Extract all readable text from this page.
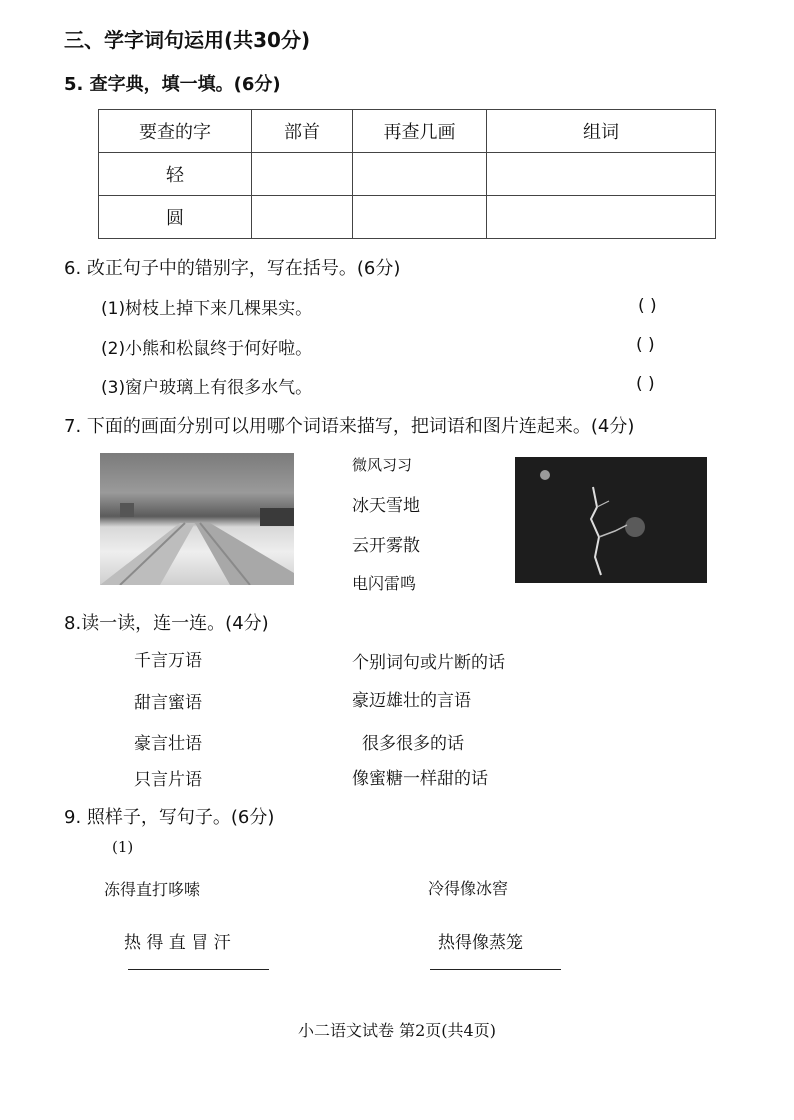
三、学字词句运用(共30分)
5. 查字典，填一填。(6分)
要查的字	部首	再查几画	组词
轻			
圆			
6. 改正句子中的错别字，写在括号。(6分)
(1)树枝上掉下来几棵果实。	( )
(2)小熊和松鼠终于何好啦。	( )
(3)窗户玻璃上有很多水气。	( )
7. 下面的画面分别可以用哪个词语来描写，把词语和图片连起来。(4分)
微风习习
冰天雪地
云开雾散
电闪雷鸣
8.读一读，连一连。(4分)
千言万语
甜言蜜语
豪言壮语
只言片语
个别词句或片断的话
豪迈雄壮的言语
很多很多的话
像蜜糖一样甜的话
9. 照样子，写句子。(6分)
(1)
冻得直打哆嗦	冷得像冰窖
热 得 直 冒 汗	热得像蒸笼
小二语文试卷 第2页(共4页)
